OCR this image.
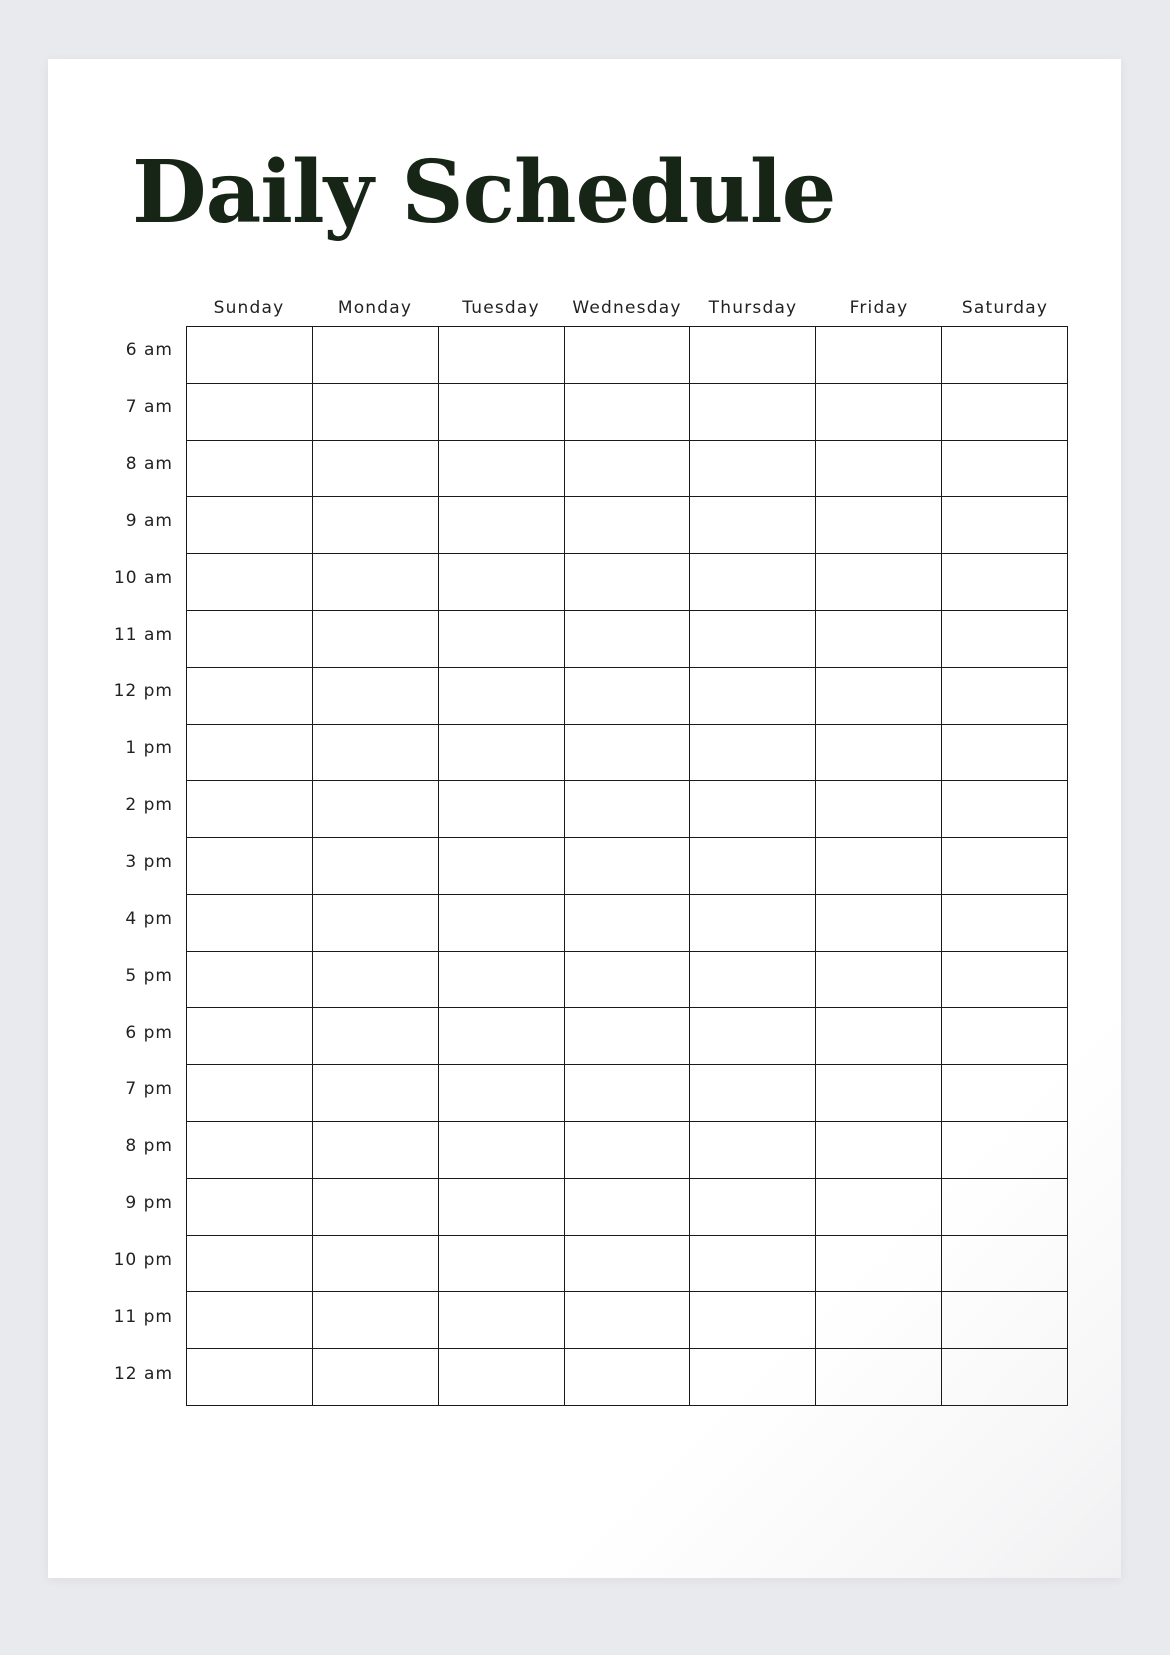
Daily Schedule
Sunday	Monday	Tuesday	Wednesday	Thursday	Friday	Saturday
6 am
7 am
8 am
9 am
10 am
11 am
12 pm
1 pm
2 pm
3 pm
4 pm
5 pm
6 pm
7 pm
8 pm
9 pm
10 pm
11 pm
12 am
